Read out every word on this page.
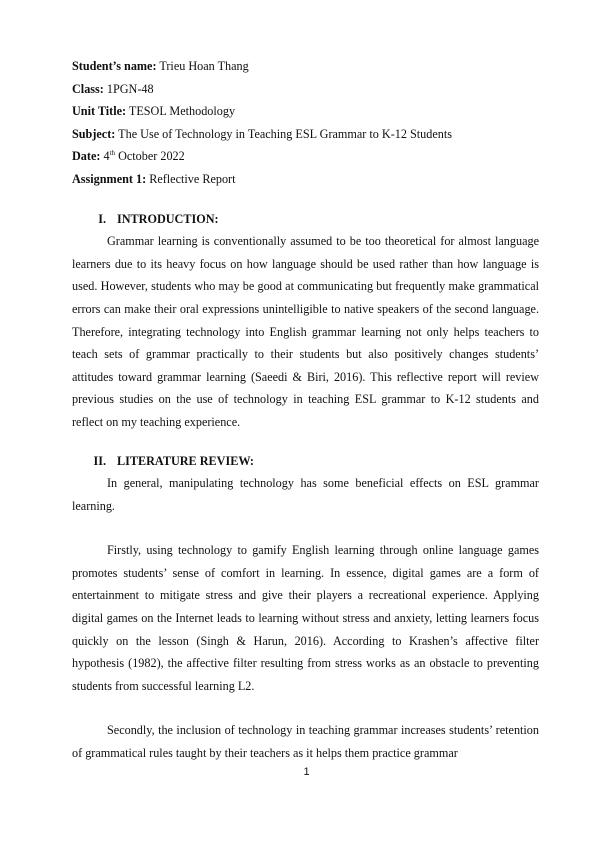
Student’s name: Trieu Hoan Thang
Class: 1PGN-48
Unit Title: TESOL Methodology
Subject: The Use of Technology in Teaching ESL Grammar to K-12 Students
Date: 4th October 2022
Assignment 1: Reflective Report
I. INTRODUCTION:

Grammar learning is conventionally assumed to be too theoretical for almost language learners due to its heavy focus on how language should be used rather than how language is used. However, students who may be good at communicating but frequently make grammatical errors can make their oral expressions unintelligible to native speakers of the second language. Therefore, integrating technology into English grammar learning not only helps teachers to teach sets of grammar practically to their students but also positively changes students’ attitudes toward grammar learning (Saeedi & Biri, 2016). This reflective report will review previous studies on the use of technology in teaching ESL grammar to K-12 students and reflect on my teaching experience.

II. LITERATURE REVIEW:

In general, manipulating technology has some beneficial effects on ESL grammar learning.

Firstly, using technology to gamify English learning through online language games promotes students’ sense of comfort in learning. In essence, digital games are a form of entertainment to mitigate stress and give their players a recreational experience. Applying digital games on the Internet leads to learning without stress and anxiety, letting learners focus quickly on the lesson (Singh & Harun, 2016). According to Krashen’s affective filter hypothesis (1982), the affective filter resulting from stress works as an obstacle to preventing students from successful learning L2.

Secondly, the inclusion of technology in teaching grammar increases students’ retention of grammatical rules taught by their teachers as it helps them practice grammar

1
